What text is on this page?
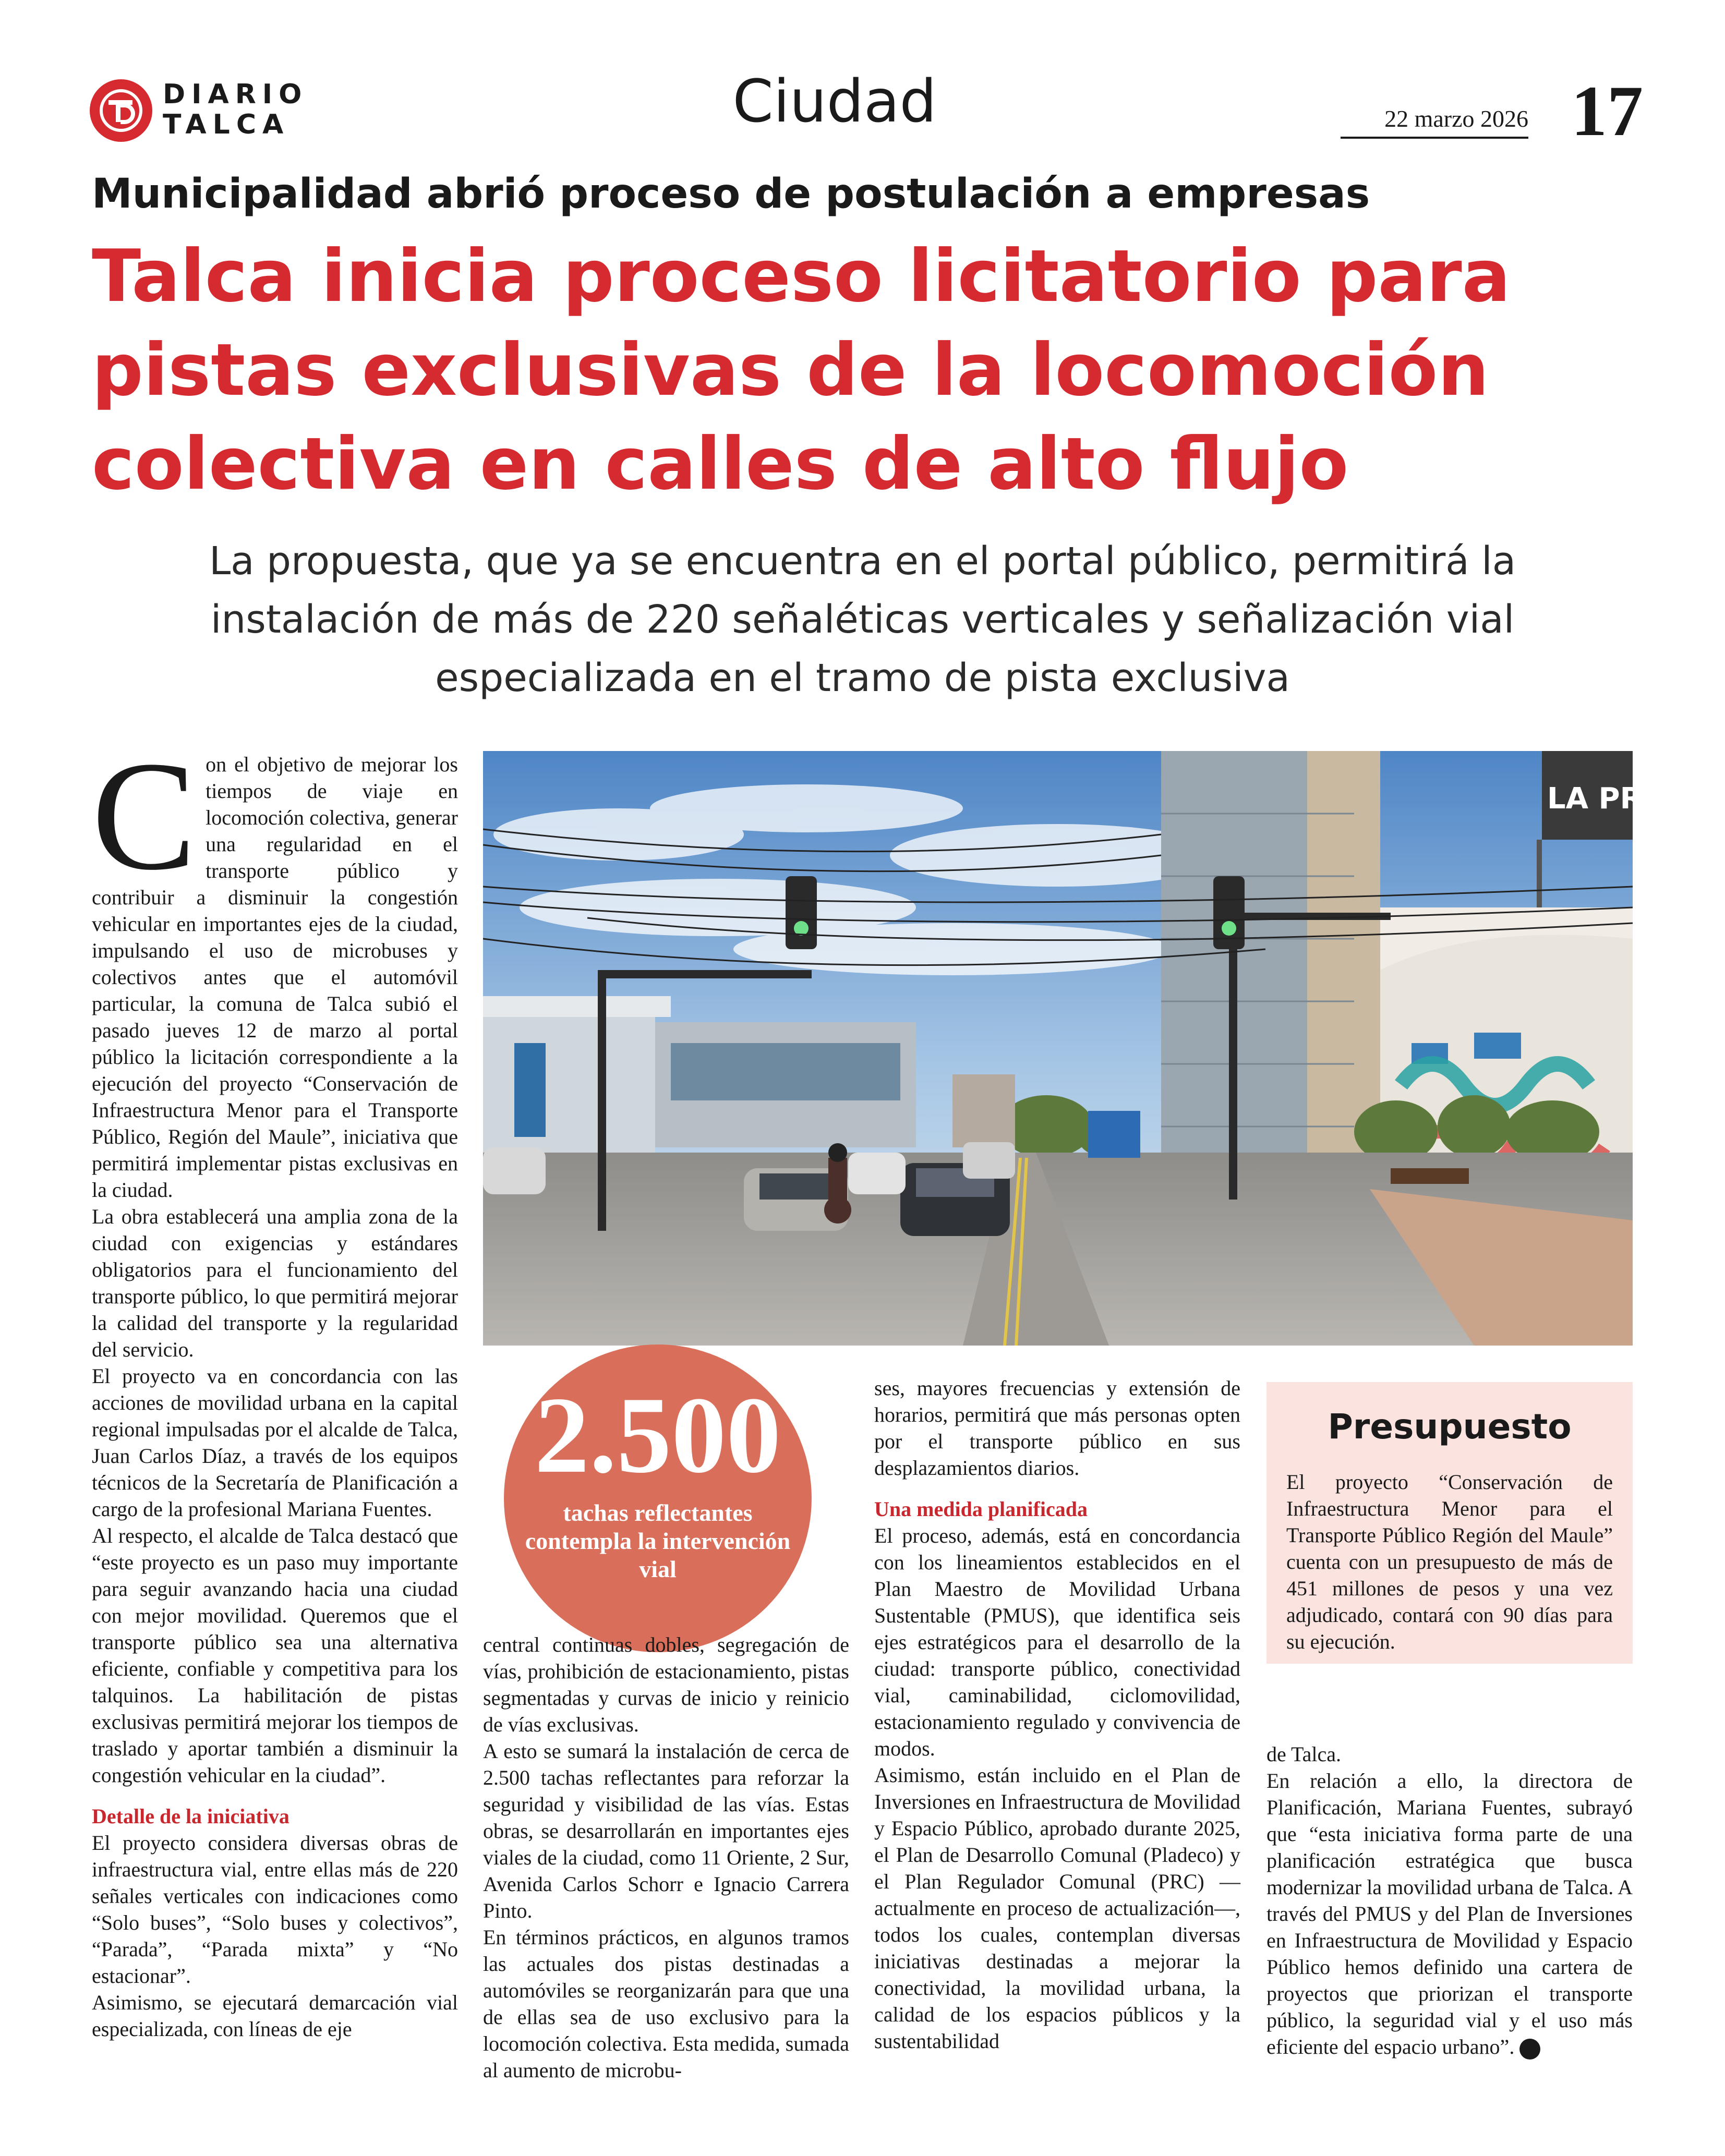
DIARIO
TALCA	Ciudad	22 marzo 2026 17
Municipalidad abrió proceso de postulación a empresas
Talca inicia proceso licitatorio para
pistas exclusivas de la locomoción
colectiva en calles de alto flujo
La propuesta, que ya se encuentra en el portal público, permitirá la
instalación de más de 220 señaléticas verticales y señalización vial
especializada en el tramo de pista exclusiva

Con el objetivo de mejorar los tiempos de viaje en locomoción colectiva, generar una regularidad en el transporte público y contribuir a disminuir la congestión vehicular en importantes ejes de la ciudad, impulsando el uso de microbuses y colectivos antes que el automóvil particular, la comuna de Talca subió el pasado jueves 12 de marzo al portal público la licitación correspondiente a la ejecución del proyecto “Conservación de Infraestructura Menor para el Transporte Público, Región del Maule”, iniciativa que permitirá implementar pistas exclusivas en la ciudad.

La obra establecerá una amplia zona de la ciudad con exigencias y estándares obligatorios para el funcionamiento del transporte público, lo que permitirá mejorar la calidad del transporte y la regularidad del servicio.

El proyecto va en concordancia con las acciones de movilidad urbana en la capital regional impulsadas por el alcalde de Talca, Juan Carlos Díaz, a través de los equipos técnicos de la Secretaría de Planificación a cargo de la profesional Mariana Fuentes.

Al respecto, el alcalde de Talca destacó que “este proyecto es un paso muy importante para seguir avanzando hacia una ciudad con mejor movilidad. Queremos que el transporte público sea una alternativa eficiente, confiable y competitiva para los talquinos. La habilitación de pistas exclusivas permitirá mejorar los tiempos de traslado y aportar también a disminuir la congestión vehicular en la ciudad”.

Detalle de la iniciativa

El proyecto considera diversas obras de infraestructura vial, entre ellas más de 220 señales verticales con indicaciones como “Solo buses”, “Solo buses y colectivos”, “Parada”, “Parada mixta” y “No estacionar”.

Asimismo, se ejecutará demarcación vial especializada, con líneas de eje

LA PR
2.500
tachas reflectantes contempla la intervención vial

central continuas dobles, segregación de vías, prohibición de estacionamiento, pistas segmentadas y curvas de inicio y reinicio de vías exclusivas.

A esto se sumará la instalación de cerca de 2.500 tachas reflectantes para reforzar la seguridad y visibilidad de las vías. Estas obras, se desarrollarán en importantes ejes viales de la ciudad, como 11 Oriente, 2 Sur, Avenida Carlos Schorr e Ignacio Carrera Pinto.

En términos prácticos, en algunos tramos las actuales dos pistas destinadas a automóviles se reorganizarán para que una de ellas sea de uso exclusivo para la locomoción colectiva. Esta medida, sumada al aumento de microbu-

ses, mayores frecuencias y extensión de horarios, permitirá que más personas opten por el transporte público en sus desplazamientos diarios.

Una medida planificada

El proceso, además, está en concordancia con los lineamientos establecidos en el Plan Maestro de Movilidad Urbana Sustentable (PMUS), que identifica seis ejes estratégicos para el desarrollo de la ciudad: transporte público, conectividad vial, caminabilidad, ciclomovilidad, estacionamiento regulado y convivencia de modos.

Asimismo, están incluido en el Plan de Inversiones en Infraestructura de Movilidad y Espacio Público, aprobado durante 2025, el Plan de Desarrollo Comunal (Pladeco) y el Plan Regulador Comunal (PRC) —actualmente en proceso de actualización—, todos los cuales, contemplan diversas iniciativas destinadas a mejorar la conectividad, la movilidad urbana, la calidad de los espacios públicos y la sustentabilidad

Presupuesto
El proyecto “Conservación de Infraestructura Menor para el Transporte Público Región del Maule” cuenta con un presupuesto de más de 451 millones de pesos y una vez adjudicado, contará con 90 días para su ejecución.

de Talca.

En relación a ello, la directora de Planificación, Mariana Fuentes, subrayó que “esta iniciativa forma parte de una planificación estratégica que busca modernizar la movilidad urbana de Talca. A través del PMUS y del Plan de Inversiones en Infraestructura de Movilidad y Espacio Público hemos definido una cartera de proyectos que priorizan el transporte público, la seguridad vial y el uso más eficiente del espacio urbano”.
